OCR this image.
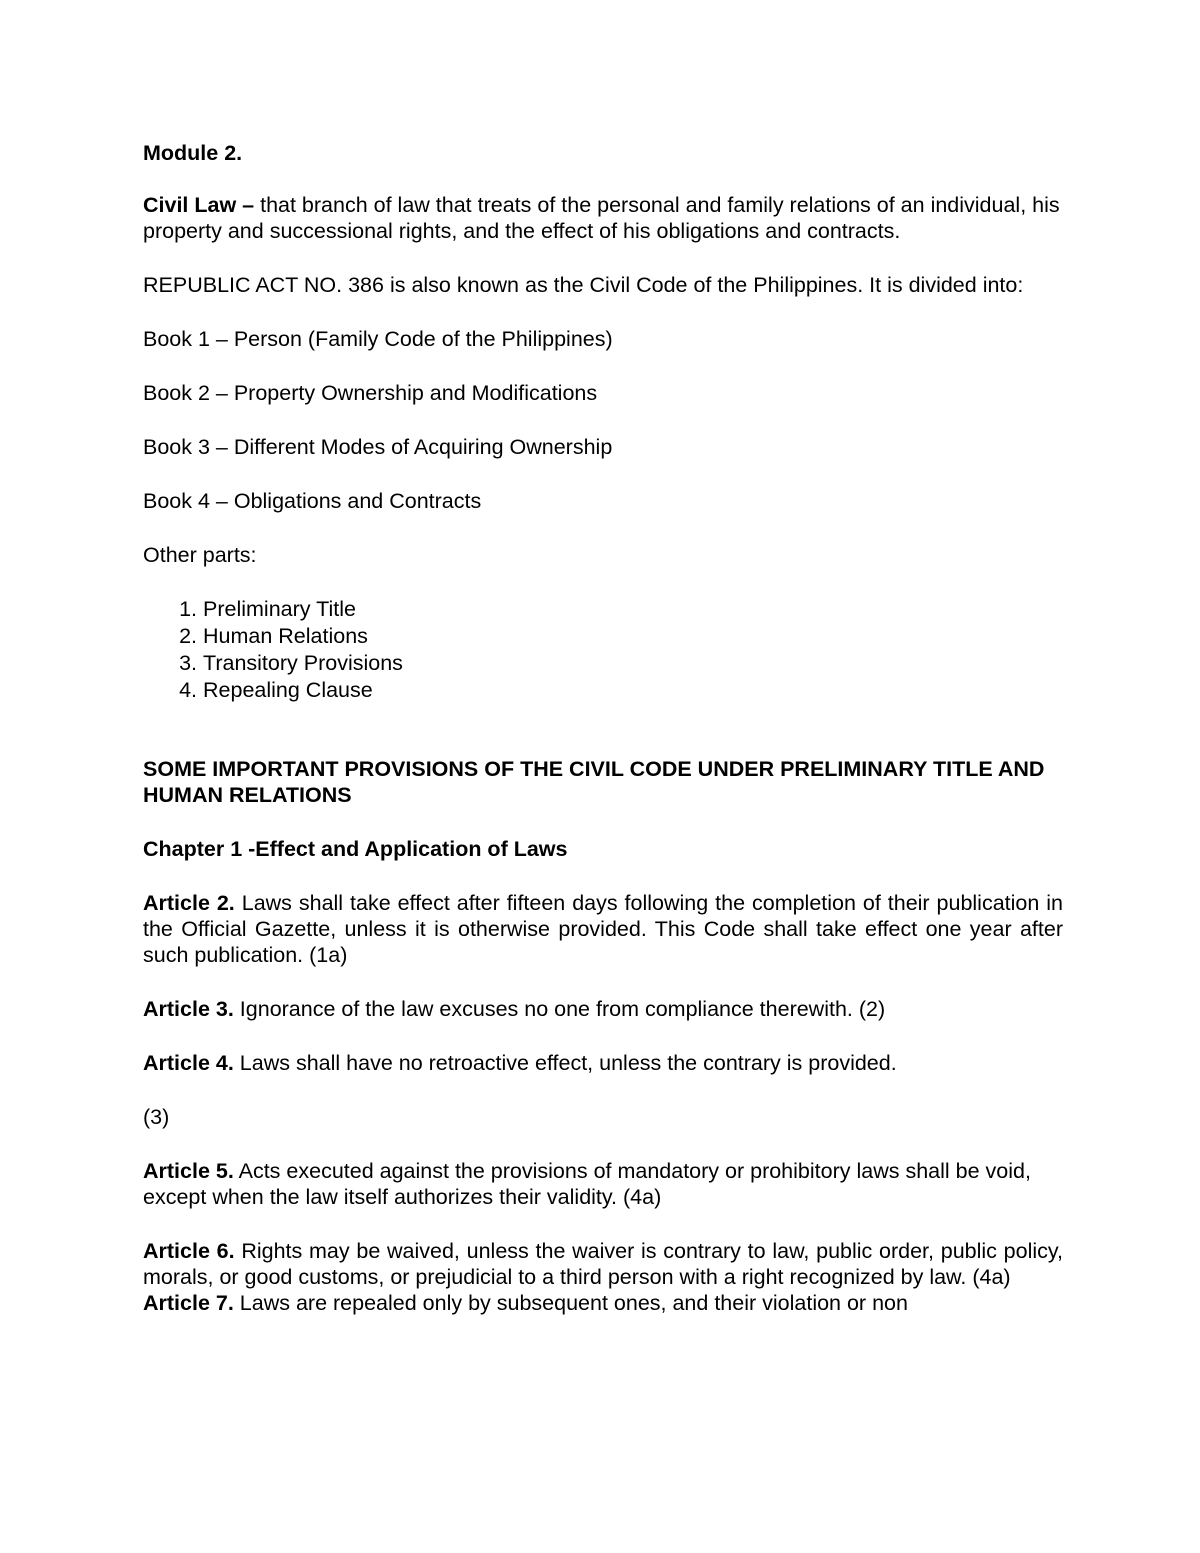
Module 2.

Civil Law – that branch of law that treats of the personal and family relations of an individual, his property and successional rights, and the effect of his obligations and contracts.

REPUBLIC ACT NO. 386 is also known as the Civil Code of the Philippines. It is divided into:

Book 1 – Person (Family Code of the Philippines)

Book 2 – Property Ownership and Modifications

Book 3 – Different Modes of Acquiring Ownership

Book 4 – Obligations and Contracts

Other parts:

1. Preliminary Title
2. Human Relations
3. Transitory Provisions
4. Repealing Clause

SOME IMPORTANT PROVISIONS OF THE CIVIL CODE UNDER PRELIMINARY TITLE AND HUMAN RELATIONS

Chapter 1 -Effect and Application of Laws

Article 2. Laws shall take effect after fifteen days following the completion of their publication in the Official Gazette, unless it is otherwise provided. This Code shall take effect one year after such publication. (1a)

Article 3. Ignorance of the law excuses no one from compliance therewith. (2)

Article 4. Laws shall have no retroactive effect, unless the contrary is provided.

(3)

Article 5. Acts executed against the provisions of mandatory or prohibitory laws shall be void, except when the law itself authorizes their validity. (4a)

Article 6. Rights may be waived, unless the waiver is contrary to law, public order, public policy, morals, or good customs, or prejudicial to a third person with a right recognized by law. (4a)

Article 7. Laws are repealed only by subsequent ones, and their violation or non
